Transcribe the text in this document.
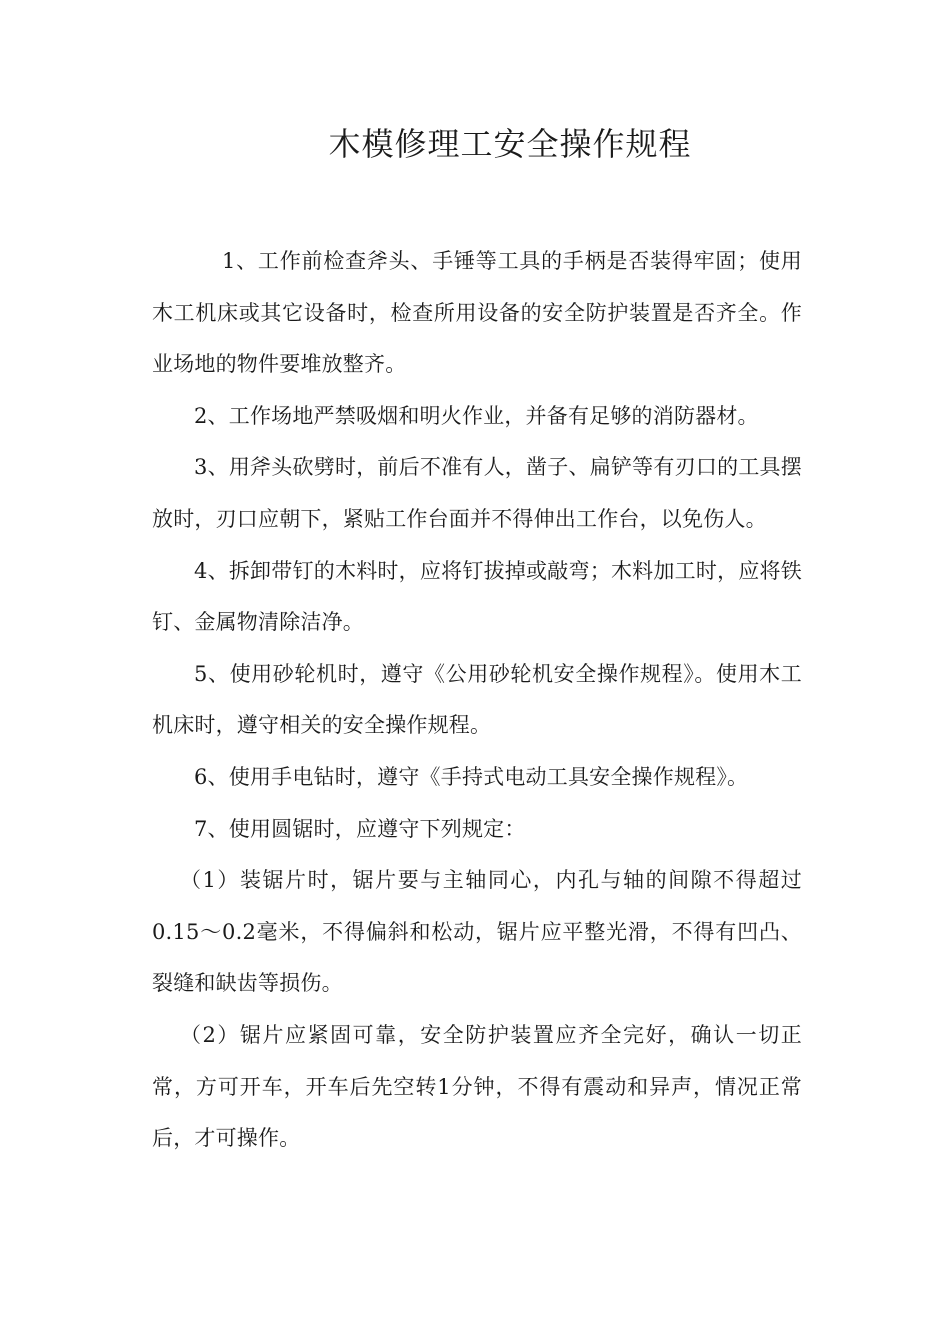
木模修理工安全操作规程

1、工作前检查斧头、手锤等工具的手柄是否装得牢固；使用木工机床或其它设备时，检查所用设备的安全防护装置是否齐全。作业场地的物件要堆放整齐。

2、工作场地严禁吸烟和明火作业，并备有足够的消防器材。

3、用斧头砍劈时，前后不准有人，凿子、扁铲等有刃口的工具摆放时，刃口应朝下，紧贴工作台面并不得伸出工作台，以免伤人。

4、拆卸带钉的木料时，应将钉拔掉或敲弯；木料加工时，应将铁钉、金属物清除洁净。

5、使用砂轮机时，遵守《公用砂轮机安全操作规程》。使用木工机床时，遵守相关的安全操作规程。

6、使用手电钻时，遵守《手持式电动工具安全操作规程》。

7、使用圆锯时，应遵守下列规定：

（1）装锯片时，锯片要与主轴同心，内孔与轴的间隙不得超过0.15～0.2毫米，不得偏斜和松动，锯片应平整光滑，不得有凹凸、裂缝和缺齿等损伤。

（2）锯片应紧固可靠，安全防护装置应齐全完好，确认一切正常，方可开车，开车后先空转1分钟，不得有震动和异声，情况正常后，才可操作。
